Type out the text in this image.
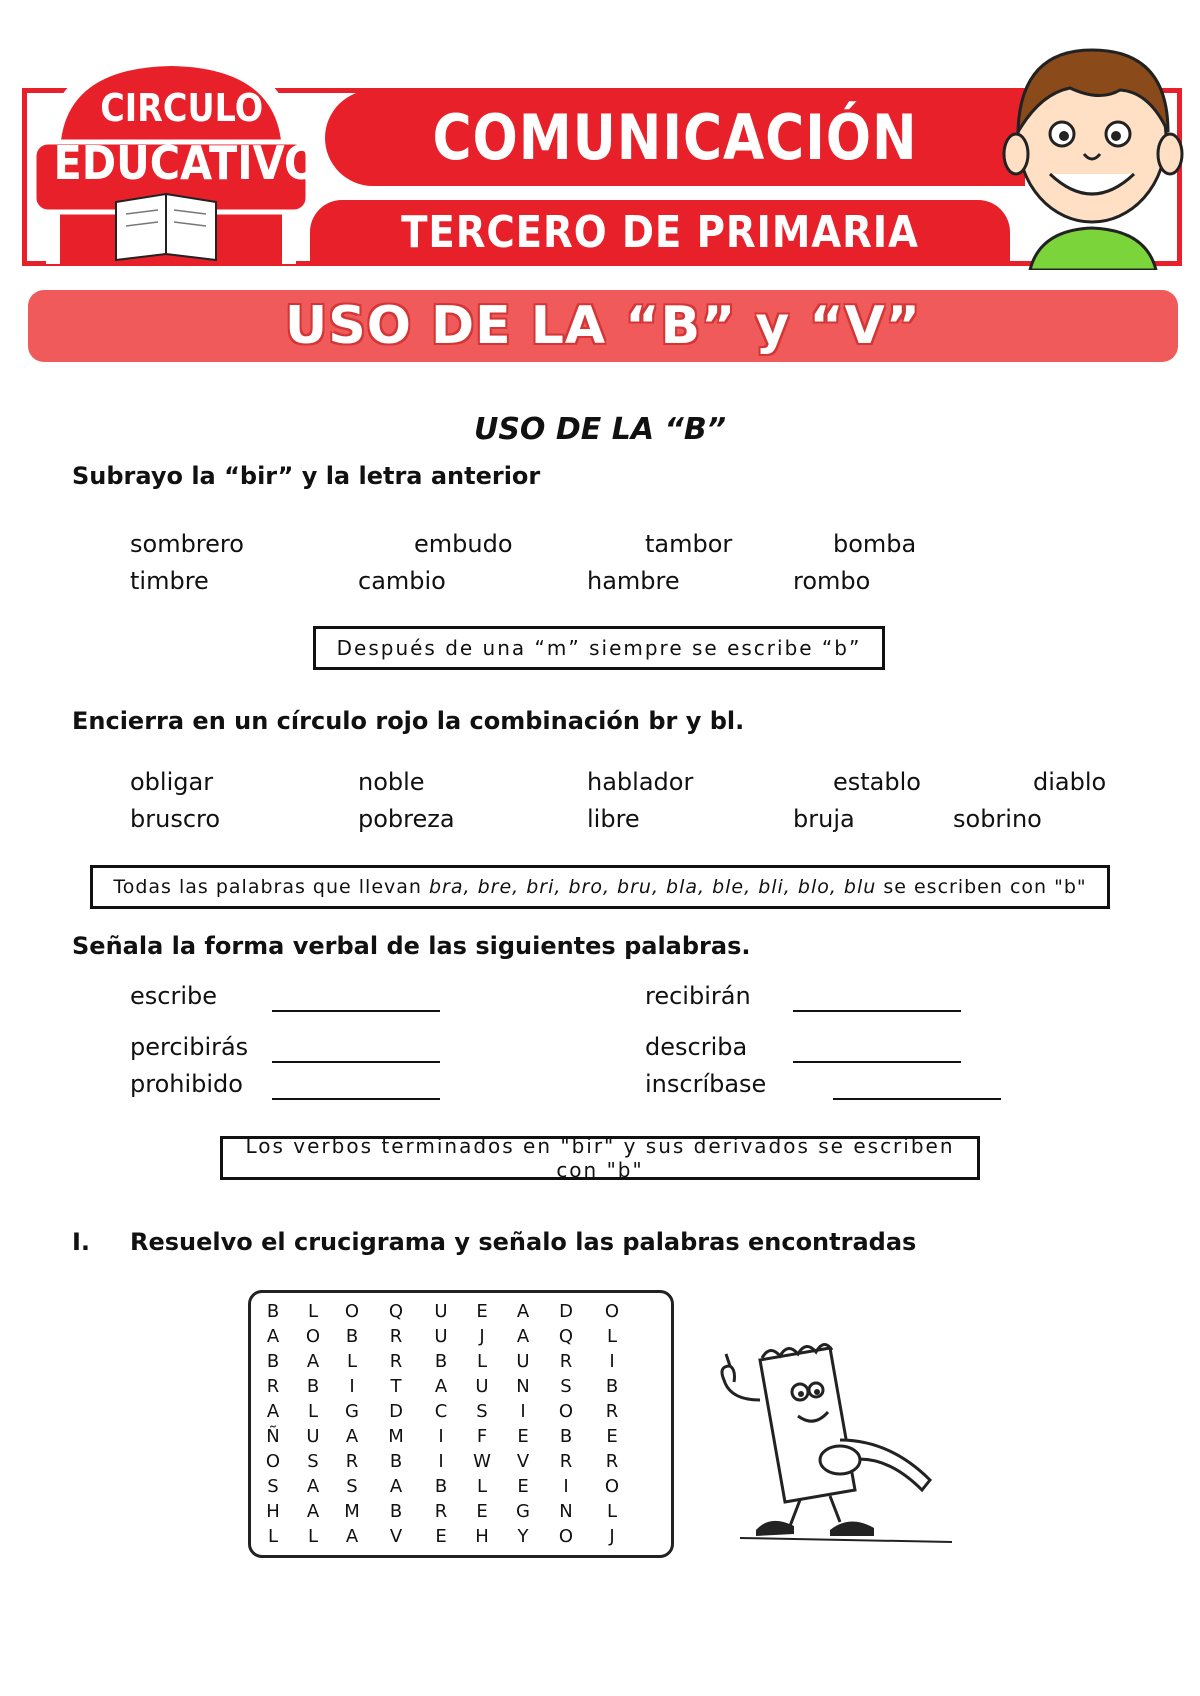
COMUNICACIÓN
TERCERO DE PRIMARIA
CIRCULO
EDUCATIVO
USO DE LA “B” y “V”
USO DE LA “B”
Subrayo la “bir” y la letra anterior
sombrero	embudo	tambor	bomba
timbre	cambio	hambre	rombo
Después de una “m” siempre se escribe “b”
Encierra en un círculo rojo la combinación br y bl.
obligar	noble	hablador	establo	diablo
bruscro	pobreza	libre	bruja	sobrino
Todas las palabras que llevan
bra, bre, bri, bro, bru, bla, ble, bli, blo, blu
se escriben con "b"
Señala la forma verbal de las siguientes palabras.
escribe	recibirán
percibirás	describa
prohibido	inscríbase
Los verbos terminados en "bir" y sus derivados se escriben con "b"
I. Resuelvo el crucigrama y señalo las palabras encontradas
B L O Q U E A D O
A O B R U	J	A Q L
B A L R B L U R	I
R B	I	T A U N S B
A L G D C S	I	O R
Ñ U A M	I	F E B E
O S R B	I	W V R R
S A S A B L E	I	O
H A M B R E G N L
L L A V E H Y O	J
